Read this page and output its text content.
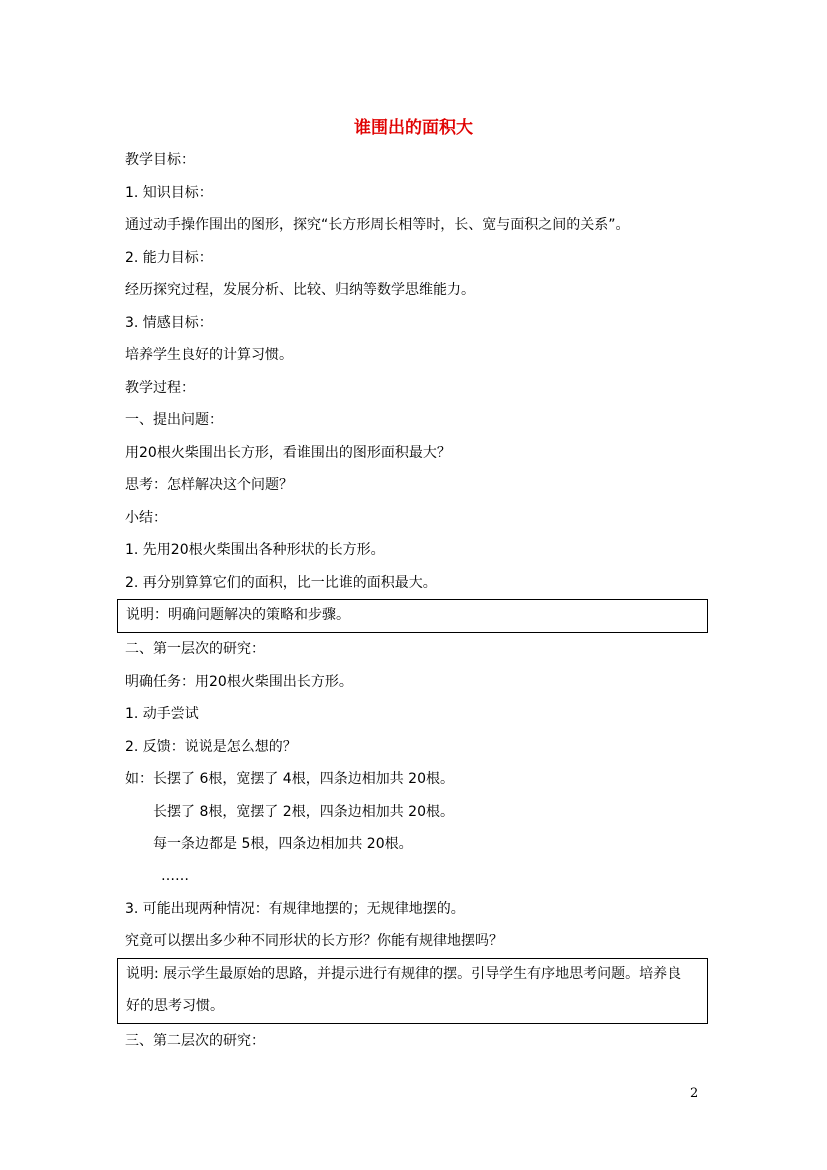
谁围出的面积大

教学目标：

1. 知识目标：

通过动手操作围出的图形，探究“长方形周长相等时，长、宽与面积之间的关系”。

2. 能力目标：

经历探究过程，发展分析、比较、归纳等数学思维能力。

3. 情感目标：

培养学生良好的计算习惯。

教学过程：

一、提出问题：

用20根火柴围出长方形，看谁围出的图形面积最大？

思考：怎样解决这个问题？

小结：

1. 先用20根火柴围出各种形状的长方形。

2. 再分别算算它们的面积，比一比谁的面积最大。

说明：明确问题解决的策略和步骤。

二、第一层次的研究：

明确任务：用20根火柴围出长方形。

1. 动手尝试

2. 反馈：说说是怎么想的？

如：长摆了 6根，宽摆了 4根，四条边相加共 20根。

长摆了 8根，宽摆了 2根，四条边相加共 20根。

每一条边都是 5根，四条边相加共 20根。

……

3. 可能出现两种情况：有规律地摆的；无规律地摆的。

究竟可以摆出多少种不同形状的长方形？你能有规律地摆吗？

说明: 展示学生最原始的思路，并提示进行有规律的摆。引导学生有序地思考问题。培养良

好的思考习惯。

三、第二层次的研究：

2
